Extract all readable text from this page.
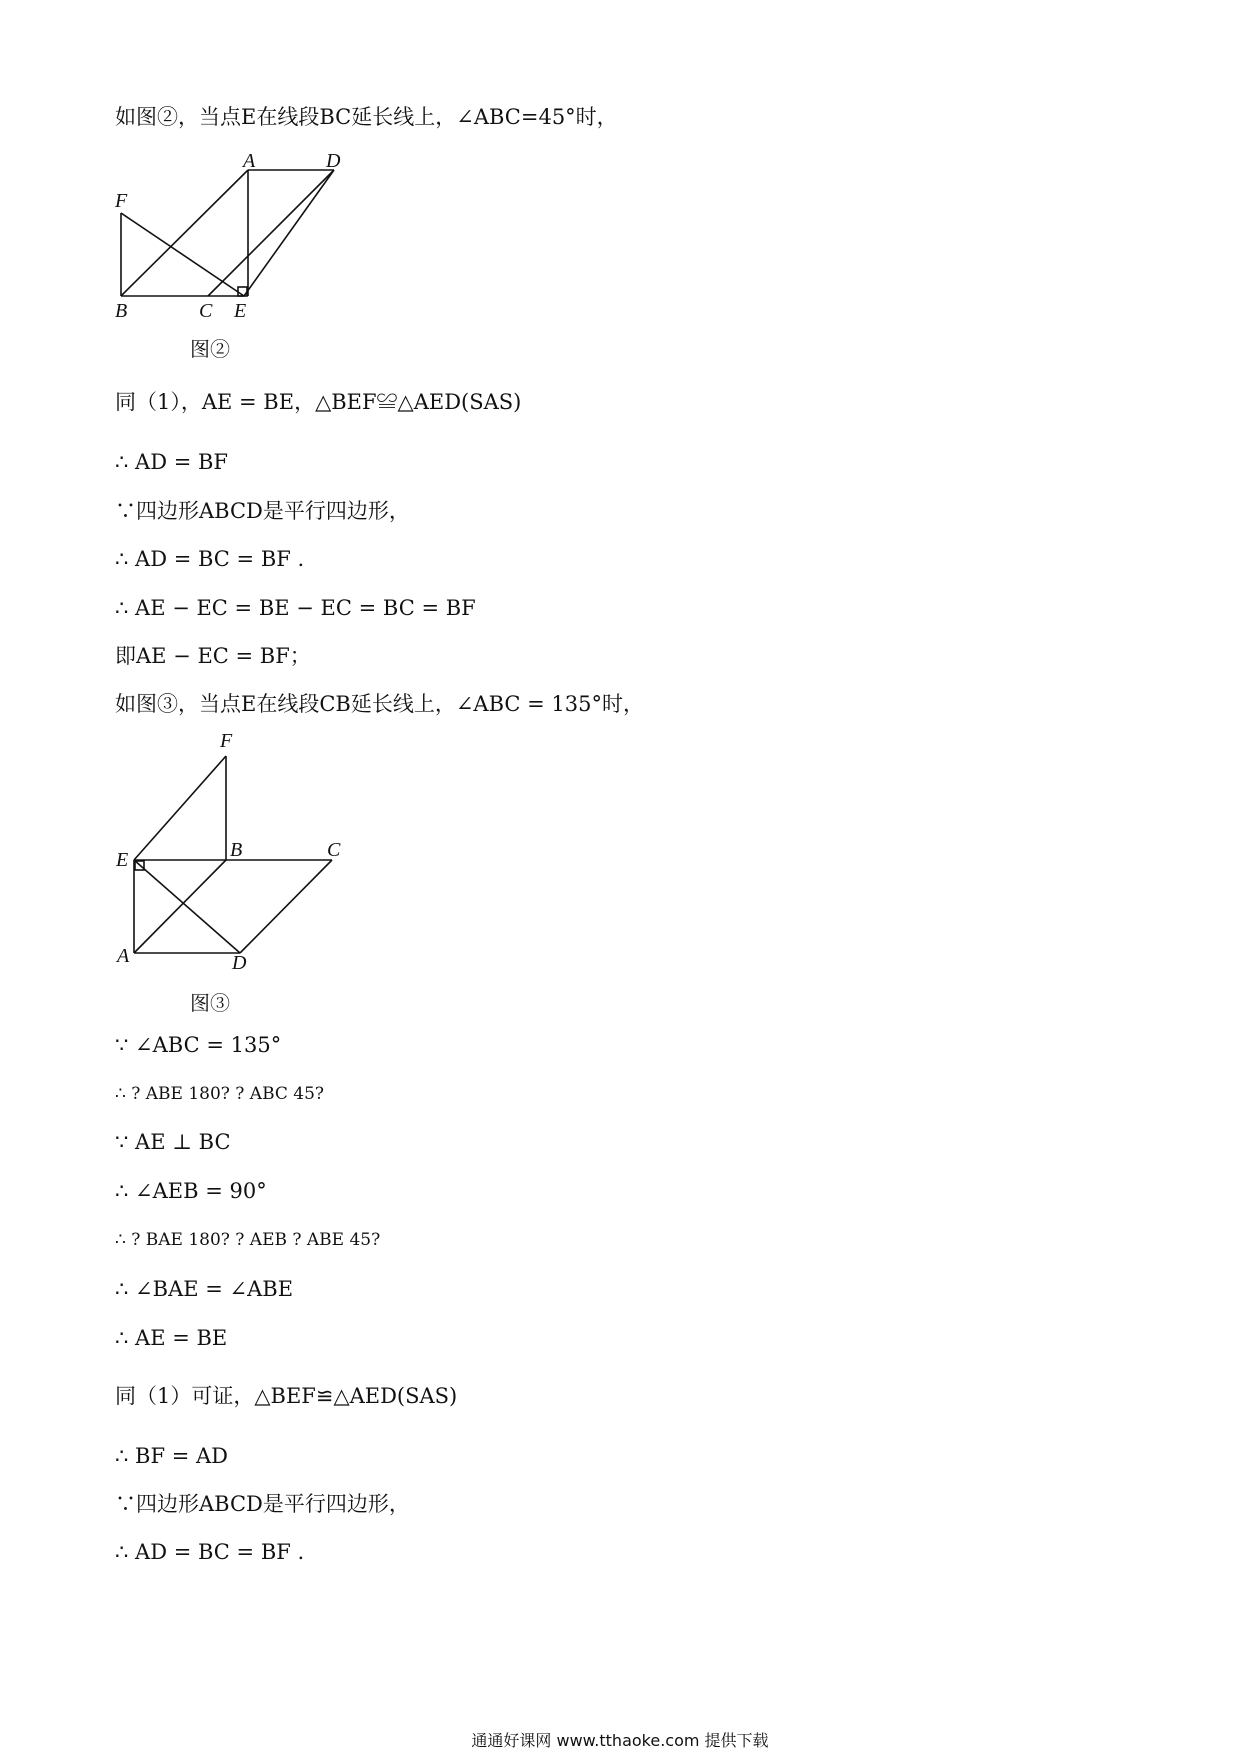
如图②，当点E在线段BC延长线上，∠ABC=45°时，
A	D
F
B	C E
图②
同（1），AE = BE，△BEF≌△AED(SAS)
∴ AD = BF
∵四边形ABCD是平行四边形，
∴ AD = BC = BF .
∴ AE − EC = BE − EC = BC = BF
即AE − EC = BF；
如图③，当点E在线段CB延长线上，∠ABC = 135°时，
F
E	B	C
A	D
图③
∵ ∠ABC = 135°
∴ ? ABE 180? ? ABC 45?
∵ AE ⊥ BC
∴ ∠AEB = 90°
∴ ? BAE 180? ? AEB ? ABE 45?
∴ ∠BAE = ∠ABE
∴ AE = BE
同（1）可证，△BEF≌△AED(SAS)
∴ BF = AD
∵四边形ABCD是平行四边形，
∴ AD = BC = BF .
通通好课网 www.tthaoke.com 提供下载
